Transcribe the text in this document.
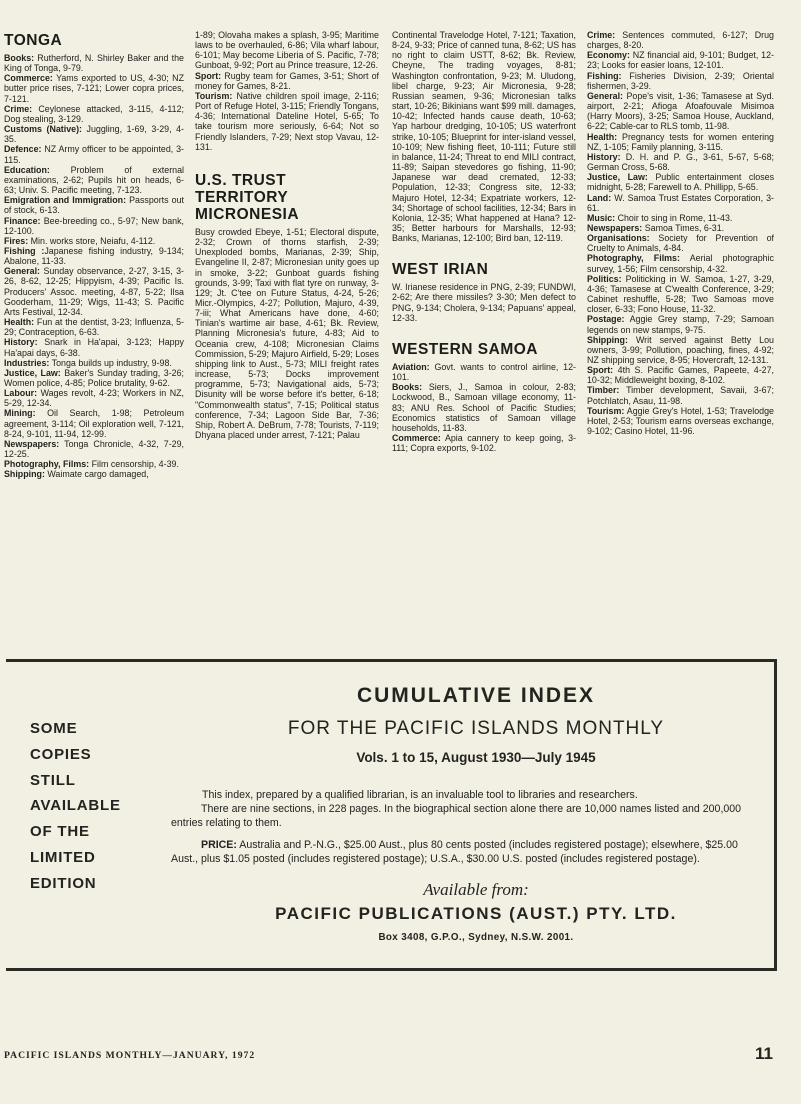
TONGA

Books: Rutherford, N. Shirley Baker and the King of Tonga, 9-79.

Commerce: Yams exported to US, 4-30; NZ butter price rises, 7-121; Lower copra prices, 7-121.

Crime: Ceylonese attacked, 3-115, 4-112; Dog stealing, 3-129.

Customs (Native): Juggling, 1-69, 3-29, 4-35.

Defence: NZ Army officer to be appointed, 3-115.

Education: Problem of external examinations, 2-62; Pupils hit on heads, 6-63; Univ. S. Pacific meeting, 7-123.

Emigration and Immigration: Passports out of stock, 6-13.

Finance: Bee-breeding co., 5-97; New bank, 12-100.

Fires: Min. works store, Neiafu, 4-112.

Fishing :Japanese fishing industry, 9-134; Abalone, 11-33.

General: Sunday observance, 2-27, 3-15, 3-26, 8-62, 12-25; Hippyism, 4-39; Pacific Is. Producers' Assoc. meeting, 4-87, 5-22; Ilsa Gooderham, 11-29; Wigs, 11-43; S. Pacific Arts Festival, 12-34.

Health: Fun at the dentist, 3-23; Influenza, 5-29; Contraception, 6-63.

History: Snark in Ha'apai, 3-123; Happy Ha'apai days, 6-38.

Industries: Tonga builds up industry, 9-98.

Justice, Law: Baker's Sunday trading, 3-26; Women police, 4-85; Police brutality, 9-62.

Labour: Wages revolt, 4-23; Workers in NZ, 5-29, 12-34.

Mining: Oil Search, 1-98; Petroleum agreement, 3-114; Oil exploration well, 7-121, 8-24, 9-101, 11-94, 12-99.

Newspapers: Tonga Chronicle, 4-32, 7-29, 12-25.

Photography, Films: Film censorship, 4-39.

Shipping: Waimate cargo damaged,

1-89; Olovaha makes a splash, 3-95; Maritime laws to be overhauled, 6-86; Vila wharf labour, 6-101; May become Liberia of S. Pacific, 7-78; Gunboat, 9-92; Port au Prince treasure, 12-26.

Sport: Rugby team for Games, 3-51; Short of money for Games, 8-21.

Tourism: Native children spoil image, 2-116; Port of Refuge Hotel, 3-115; Friendly Tongans, 4-36; International Dateline Hotel, 5-65; To take tourism more seriously, 6-64; Not so Friendly Islanders, 7-29; Next stop Vavau, 12-131.

U.S. TRUST TERRITORY MICRONESIA

Busy crowded Ebeye, 1-51; Electoral dispute, 2-32; Crown of thorns starfish, 2-39; Unexploded bombs, Marianas, 2-39; Ship, Evangeline II, 2-87; Micronesian unity goes up in smoke, 3-22; Gunboat guards fishing grounds, 3-99; Taxi with flat tyre on runway, 3-129; Jt. C'tee on Future Status, 4-24, 5-26; Micr.-Olympics, 4-27; Pollution, Majuro, 4-39, 7-iii; What Americans have done, 4-60; Tinian's wartime air base, 4-61; Bk. Review, Planning Micronesia's future, 4-83; Aid to Oceania crew, 4-108; Micronesian Claims Commission, 5-29; Majuro Airfield, 5-29; Loses shipping link to Aust., 5-73; MILI freight rates increase, 5-73; Docks improvement programme, 5-73; Navigational aids, 5-73; Disunity will be worse before it's better, 6-18; "Commonwealth status", 7-15; Political status conference, 7-34; Lagoon Side Bar, 7-36; Ship, Robert A. DeBrum, 7-78; Tourists, 7-119; Dhyana placed under arrest, 7-121; Palau

Continental Travelodge Hotel, 7-121; Taxation, 8-24, 9-33; Price of canned tuna, 8-62; US has no right to claim USTT, 8-62; Bk. Review, Cheyne, The trading voyages, 8-81; Washington confrontation, 9-23; M. Uludong, libel charge, 9-23; Air Micronesia, 9-28; Russian seamen, 9-36; Micronesian talks start, 10-26; Bikinians want $99 mill. damages, 10-42; Infected hands cause death, 10-63; Yap harbour dredging, 10-105; US waterfront strike, 10-105; Blueprint for inter-island vessel, 10-109; New fishing fleet, 10-111; Future still in balance, 11-24; Threat to end MILI contract, 11-89; Saipan stevedores go fishing, 11-90; Japanese war dead cremated, 12-33; Population, 12-33; Congress site, 12-33; Majuro Hotel, 12-34; Expatriate workers, 12-34; Shortage of school facilities, 12-34; Bars in Kolonia, 12-35; What happened at Hana? 12-35; Better harbours for Marshalls, 12-93; Banks, Marianas, 12-100; Bird ban, 12-119.

WEST IRIAN

W. Irianese residence in PNG, 2-39; FUNDWI, 2-62; Are there missiles? 3-30; Men defect to PNG, 9-134; Cholera, 9-134; Papuans' appeal, 12-33.

WESTERN SAMOA

Aviation: Govt. wants to control airline, 12-101.

Books: Siers, J., Samoa in colour, 2-83; Lockwood, B., Samoan village economy, 11-83; ANU Res. School of Pacific Studies; Economics statistics of Samoan village households, 11-83.

Commerce: Apia cannery to keep going, 3-111; Copra exports, 9-102.

Crime: Sentences commuted, 6-127; Drug charges, 8-20.

Economy: NZ financial aid, 9-101; Budget, 12-23; Looks for easier loans, 12-101.

Fishing: Fisheries Division, 2-39; Oriental fishermen, 3-29.

General: Pope's visit, 1-36; Tamasese at Syd. airport, 2-21; Afioga Afoafouvale Misimoa (Harry Moors), 3-25; Samoa House, Auckland, 6-22; Cable-car to RLS tomb, 11-98.

Health: Pregnancy tests for women entering NZ, 1-105; Family planning, 3-115.

History: D. H. and P. G., 3-61, 5-67, 5-68; German Cross, 5-68.

Justice, Law: Public entertainment closes midnight, 5-28; Farewell to A. Phillipp, 5-65.

Land: W. Samoa Trust Estates Corporation, 3-61.

Music: Choir to sing in Rome, 11-43.

Newspapers: Samoa Times, 6-31.

Organisations: Society for Prevention of Cruelty to Animals, 4-84.

Photography, Films: Aerial photographic survey, 1-56; Film censorship, 4-32.

Politics: Politicking in W. Samoa, 1-27, 3-29, 4-36; Tamasese at C'wealth Conference, 3-29; Cabinet reshuffle, 5-28; Two Samoas move closer, 6-33; Fono House, 11-32.

Postage: Aggie Grey stamp, 7-29; Samoan legends on new stamps, 9-75.

Shipping: Writ served against Betty Lou owners, 3-99; Pollution, poaching, fines, 4-92; NZ shipping service, 8-95; Hovercraft, 12-131.

Sport: 4th S. Pacific Games, Papeete, 4-27, 10-32; Middleweight boxing, 8-102.

Timber: Timber development, Savaii, 3-67; Potchlatch, Asau, 11-98.

Tourism: Aggie Grey's Hotel, 1-53; Travelodge Hotel, 2-53; Tourism earns overseas exchange, 9-102; Casino Hotel, 11-96.

SOME
COPIES
STILL
AVAILABLE
OF THE
LIMITED
EDITION
CUMULATIVE INDEX
FOR THE PACIFIC ISLANDS MONTHLY
Vols. 1 to 15, August 1930—July 1945
This index, prepared by a qualified librarian, is an invaluable tool to libraries and researchers.
There are nine sections, in 228 pages. In the biographical section alone there are 10,000 names listed and 200,000 entries relating to them.
PRICE: Australia and P.-N.G., $25.00 Aust., plus 80 cents posted (includes registered postage); elsewhere, $25.00 Aust., plus $1.05 posted (includes registered postage); U.S.A., $30.00 U.S. posted (includes registered postage).
Available from:
PACIFIC PUBLICATIONS (AUST.) PTY. LTD.
Box 3408, G.P.O., Sydney, N.S.W. 2001.
PACIFIC ISLANDS MONTHLY—JANUARY, 1972	11
